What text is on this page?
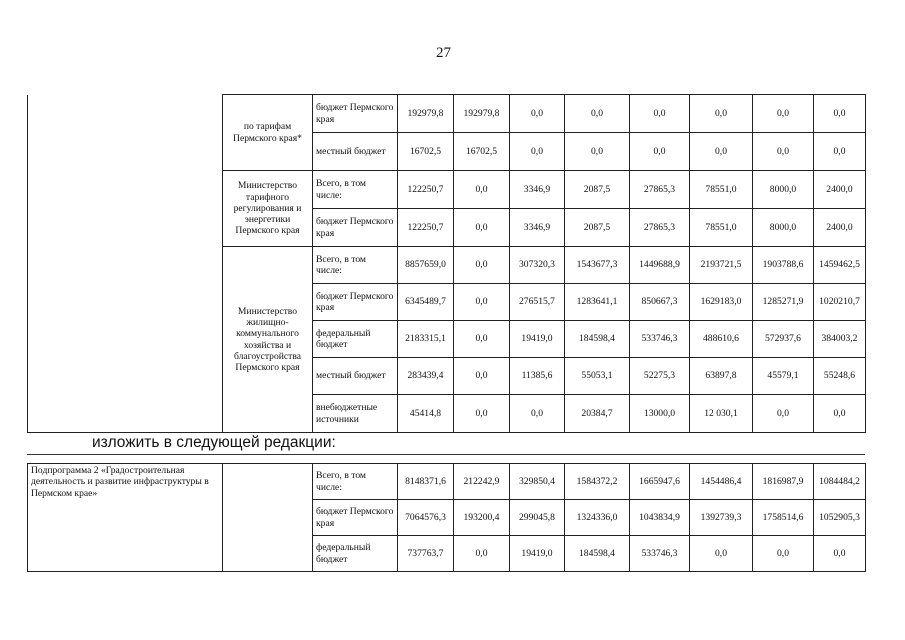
27
	по тарифам Пермского края*	бюджет Пермского края	192979,8	192979,8	0,0	0,0	0,0	0,0	0,0	0,0
		местный бюджет	16702,5	16702,5	0,0	0,0	0,0	0,0	0,0	0,0
	Министерство тарифного регулирования и энергетики Пермского края	Всего, в том числе:	122250,7	0,0	3346,9	2087,5	27865,3	78551,0	8000,0	2400,0
		бюджет Пермского края	122250,7	0,0	3346,9	2087,5	27865,3	78551,0	8000,0	2400,0
	Министерство жилищно-коммунального хозяйства и благоустройства Пермского края	Всего, в том числе:	8857659,0	0,0	307320,3	1543677,3	1449688,9	2193721,5	1903788,6	1459462,5
		бюджет Пермского края	6345489,7	0,0	276515,7	1283641,1	850667,3	1629183,0	1285271,9	1020210,7
		федеральный бюджет	2183315,1	0,0	19419,0	184598,4	533746,3	488610,6	572937,6	384003,2
		местный бюджет	283439,4	0,0	11385,6	55053,1	52275,3	63897,8	45579,1	55248,6
		внебюджетные источники	45414,8	0,0	0,0	20384,7	13000,0	12 030,1	0,0	0,0
изложить в следующей редакции:
Подпрограмма 2 «Градостроительная деятельность и развитие инфраструктуры в Пермском крае»		Всего, в том числе:	8148371,6	212242,9	329850,4	1584372,2	1665947,6	1454486,4	1816987,9	1084484,2
		бюджет Пермского края	7064576,3	193200,4	299045,8	1324336,0	1043834,9	1392739,3	1758514,6	1052905,3
		федеральный бюджет	737763,7	0,0	19419,0	184598,4	533746,3	0,0	0,0	0,0
